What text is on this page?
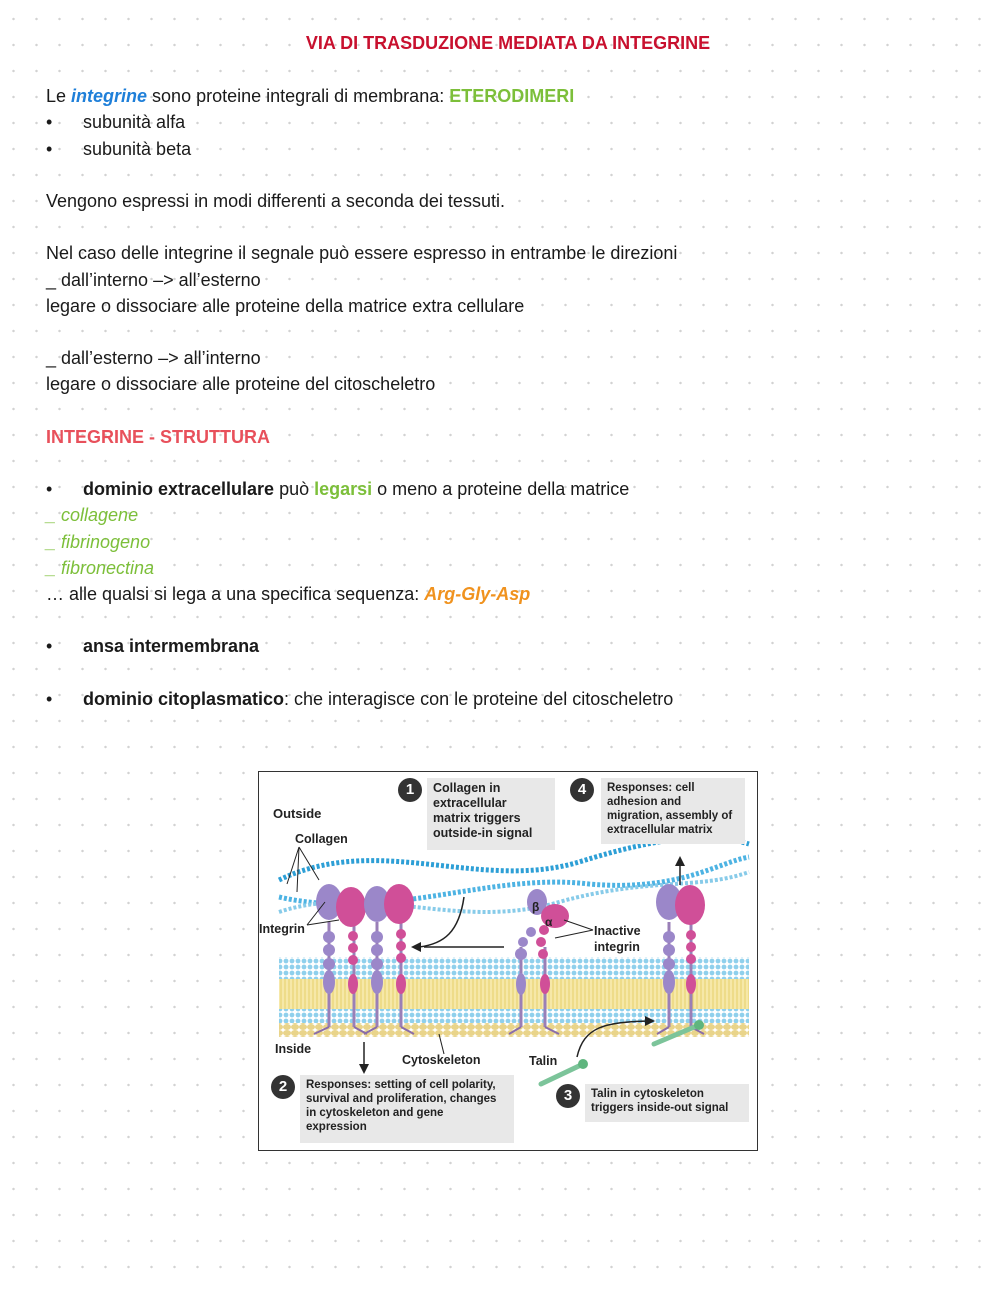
VIA DI TRASDUZIONE MEDIATA DA INTEGRINE
Le integrine sono proteine integrali di membrana: ETERODIMERI
• subunità alfa
• subunità beta
Vengono espressi in modi differenti a seconda dei tessuti.
Nel caso delle integrine il segnale può essere espresso in entrambe le direzioni
_ dall’interno –> all’esterno
legare o dissociare alle proteine della matrice extra cellulare
_ dall’esterno –> all’interno
legare o dissociare alle proteine del citoscheletro
INTEGRINE - STRUTTURA
• dominio extracellulare può legarsi o meno a proteine della matrice
_ collagene
_ fibrinogeno
_ fibronectina
… alle qualsi si lega a una specifica sequenza: Arg-Gly-Asp
• ansa intermembrana
• dominio citoplasmatico: che interagisce con le proteine del citoscheletro
Outside
Collagen
Integrin	Inactive
integrin
β
α
Inside
Cytoskeleton	Talin
1	Collagen in
extracellular
matrix triggers
outside-in signal
4	Responses: cell
adhesion and
migration, assembly of
extracellular matrix
2	Responses: setting of cell polarity,
survival and proliferation, changes
in cytoskeleton and gene
expression
3	Talin in cytoskeleton
triggers inside-out signal
